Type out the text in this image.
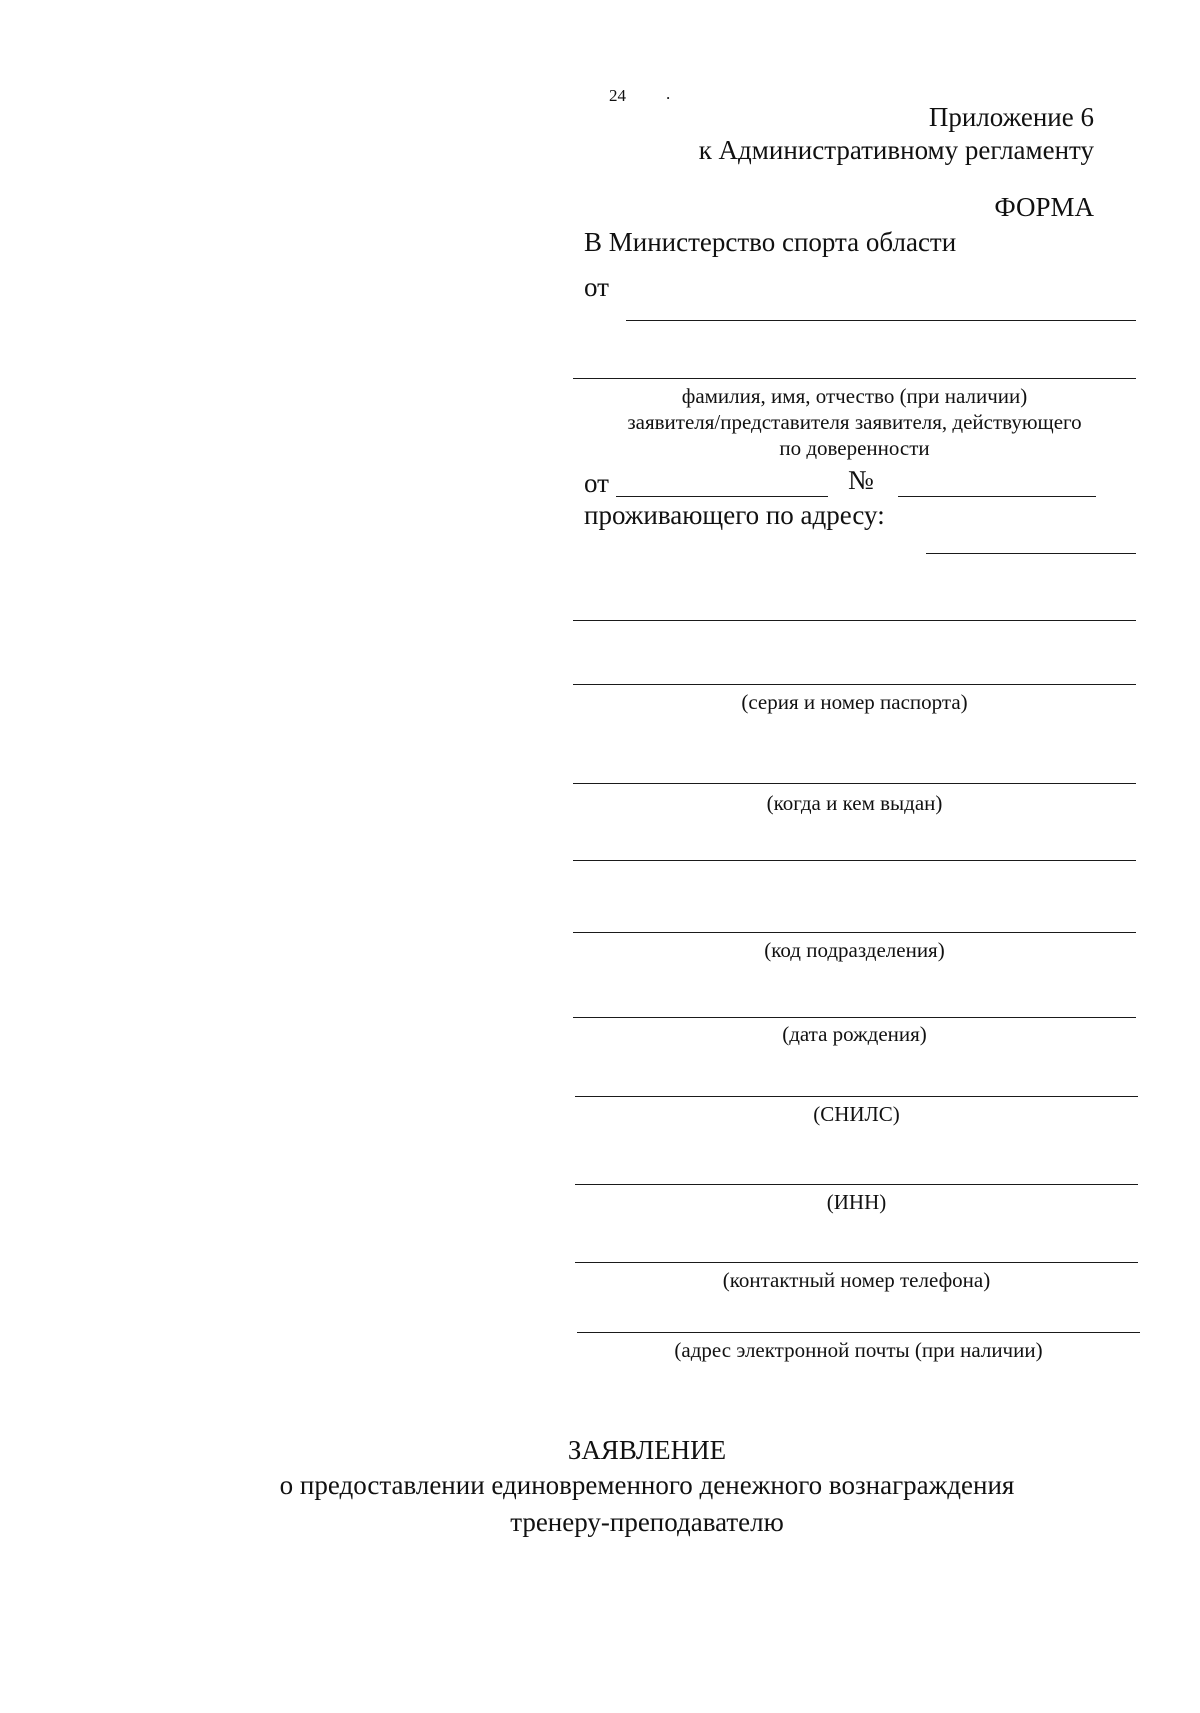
24 .
Приложение 6
к Административному регламенту
ФОРМА
В Министерство спорта области
от
фамилия, имя, отчество (при наличии)
заявителя/представителя заявителя, действующего
по доверенности
от	№
проживающего по адресу:
(серия и номер паспорта)
(когда и кем выдан)
(код подразделения)
(дата рождения)
(СНИЛС)
(ИНН)
(контактный номер телефона)
(адрес электронной почты (при наличии)
ЗАЯВЛЕНИЕ
о предоставлении единовременного денежного вознаграждения
тренеру-преподавателю
